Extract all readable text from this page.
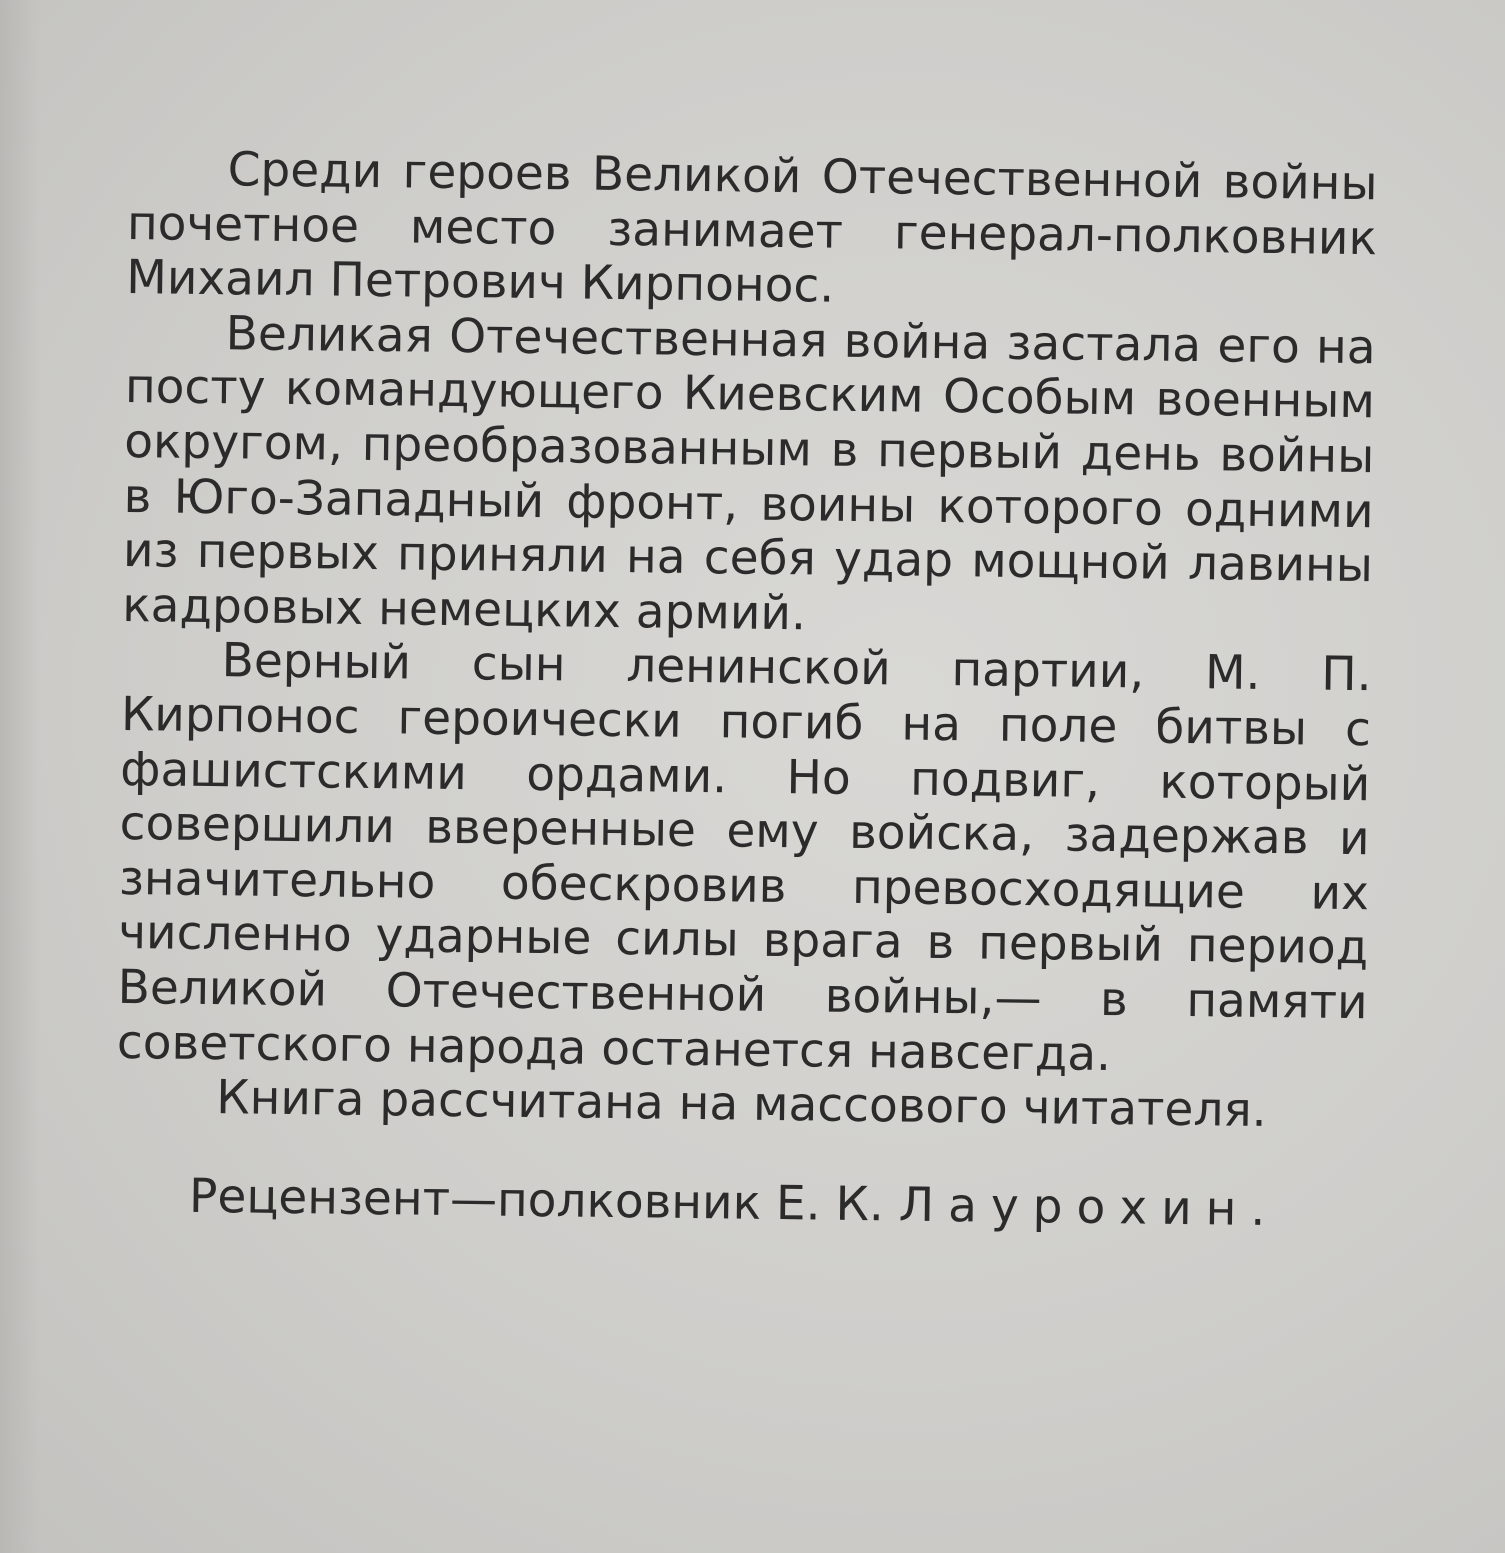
Среди героев Великой Отечественной войны почетное место занимает генерал-полковник Михаил Петрович Кирпонос.

Великая Отечественная война застала его на посту командующего Киевским Особым военным округом, преобразованным в первый день войны в Юго-Западный фронт, воины которого одними из первых приняли на себя удар мощной лавины кадровых немецких армий.

Верный сын ленинской партии, М. П. Кирпонос героически погиб на поле битвы с фашистскими ордами. Но подвиг, который совершили вверенные ему войска, задержав и значительно обескровив превосходящие их численно ударные силы врага в первый период Великой Отечественной войны,— в памяти советского народа останется навсегда.

Книга рассчитана на массового читателя.

Рецензент—полковник Е. К. Лаурохин.
